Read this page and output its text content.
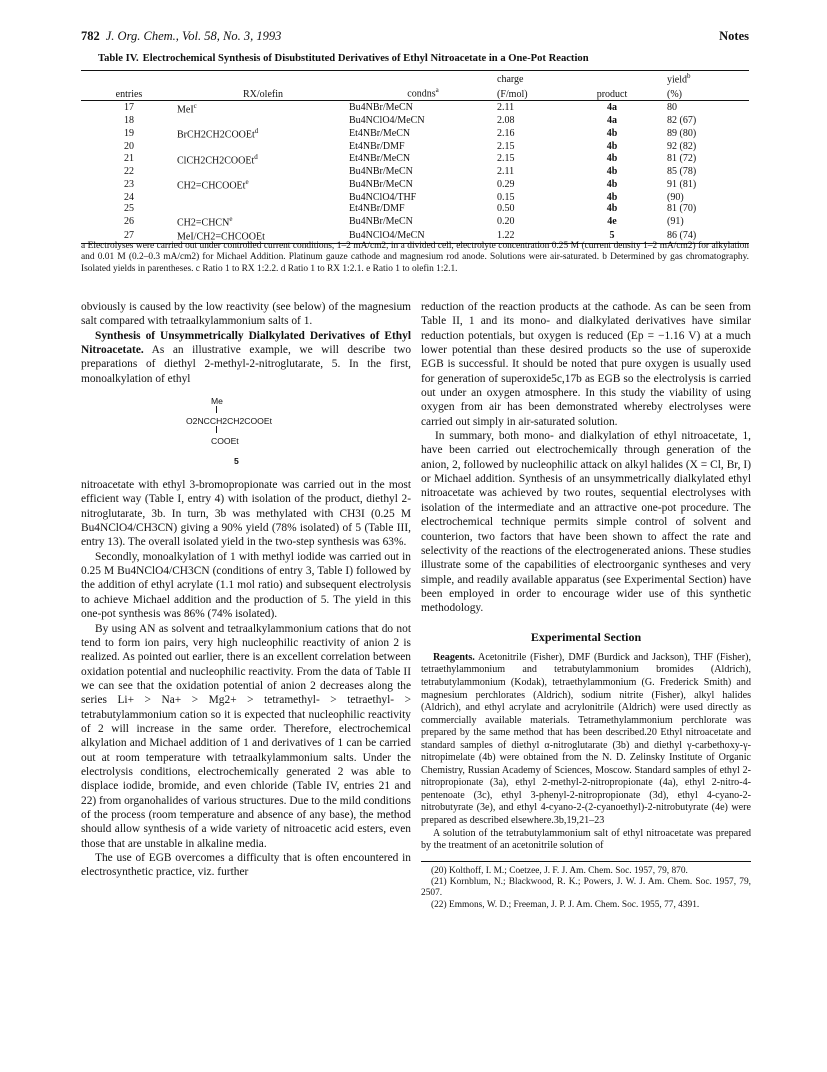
782 J. Org. Chem., Vol. 58, No. 3, 1993	Notes
Table IV. Electrochemical Synthesis of Disubstituted Derivatives of Ethyl Nitroacetate in a One-Pot Reaction
			charge		yield$^b$
entries	RX/olefin	condns$^a$	(F/mol)	product	(%)
17	MeI$^c$	Bu4NBr/MeCN	2.11	4a	80
18		Bu4NClO4/MeCN	2.08	4a	82 (67)
19	BrCH2CH2COOEt$^d$	Et4NBr/MeCN	2.16	4b	89 (80)
20		Et4NBr/DMF	2.15	4b	92 (82)
21	ClCH2CH2COOEt$^d$	Et4NBr/MeCN	2.15	4b	81 (72)
22		Bu4NBr/MeCN	2.11	4b	85 (78)
23	CH2=CHCOOEt$^e$	Bu4NBr/MeCN	0.29	4b	91 (81)
24		Bu4NClO4/THF	0.15	4b	(90)
25		Et4NBr/DMF	0.50	4b	81 (70)
26	$CH2=CHCN^e$	Bu4NBr/MeCN	0.20	4e	(91)
27	MeI/CH2=CHCOOEt	Bu4NClO4/MeCN	1.22	5	86 (74)
a Electrolyses were carried out under controlled current conditions, 1–2 mA/cm2, in a divided cell, electrolyte concentration 0.25 M (current density 1–2 mA/cm2) for alkylation and 0.01 M (0.2–0.3 mA/cm2) for Michael Addition. Platinum gauze cathode and magnesium rod anode. Solutions were air-saturated. b Determined by gas chromatography. Isolated yields in parentheses. c Ratio 1 to RX 1:2.2. d Ratio 1 to RX 1:2.1. e Ratio 1 to olefin 1:2.1.

obviously is caused by the low reactivity (see below) of the magnesium salt compared with tetraalkylammonium salts of 1.

Synthesis of Unsymmetrically Dialkylated Derivatives of Ethyl Nitroacetate. As an illustrative example, we will describe two preparations of diethyl 2-methyl-2-nitroglutarate, 5. In the first, monoalkylation of ethyl

Me
O2NCCH2CH2COOEt
COOEt
5

nitroacetate with ethyl 3-bromopropionate was carried out in the most efficient way (Table I, entry 4) with isolation of the product, diethyl 2-nitroglutarate, 3b. In turn, 3b was methylated with CH3I (0.25 M Bu4NClO4/CH3CN) giving a 90% yield (78% isolated) of 5 (Table III, entry 13). The overall isolated yield in the two-step synthesis was 63%.

Secondly, monoalkylation of 1 with methyl iodide was carried out in 0.25 M Bu4NClO4/CH3CN (conditions of entry 3, Table I) followed by the addition of ethyl acrylate (1.1 mol ratio) and subsequent electrolysis to achieve Michael addition and the production of 5. The yield in this one-pot synthesis was 86% (74% isolated).

By using AN as solvent and tetraalkylammonium cations that do not tend to form ion pairs, very high nucleophilic reactivity of anion 2 is realized. As pointed out earlier, there is an excellent correlation between oxidation potential and nucleophilic reactivity. From the data of Table II we can see that the oxidation potential of anion 2 decreases along the series Li+ > Na+ > Mg2+ > tetramethyl- > tetraethyl- > tetrabutylammonium cation so it is expected that nucleophilic reactivity of 2 will increase in the same order. Therefore, electrochemical alkylation and Michael addition of 1 and derivatives of 1 can be carried out at room temperature with tetraalkylammonium salts. Under the electrolysis conditions, electrochemically generated 2 was able to displace iodide, bromide, and even chloride (Table IV, entries 21 and 22) from organohalides of various structures. Due to the mild conditions of the process (room temperature and absence of any base), the method should allow synthesis of a wide variety of nitroacetic acid esters, even those that are unstable in alkaline media.

The use of EGB overcomes a difficulty that is often encountered in electrosynthetic practice, viz. further

reduction of the reaction products at the cathode. As can be seen from Table II, 1 and its mono- and dialkylated derivatives have similar reduction potentials, but oxygen is reduced (Ep = −1.16 V) at a much lower potential than these desired products so the use of superoxide EGB is successful. It should be noted that pure oxygen is usually used for generation of superoxide5c,17b as EGB so the electrolysis is carried out under an oxygen atmosphere. In this study the viability of using oxygen from air has been demonstrated whereby electrolyses were carried out simply in air-saturated solution.

In summary, both mono- and dialkylation of ethyl nitroacetate, 1, have been carried out electrochemically through generation of the anion, 2, followed by nucleophilic attack on alkyl halides (X = Cl, Br, I) or Michael addition. Synthesis of an unsymmetrically dialkylated ethyl nitroacetate was achieved by two routes, sequential electrolyses with isolation of the intermediate and an attractive one-pot procedure. The electrochemical technique permits simple control of solvent and counterion, two factors that have been shown to affect the rate and selectivity of the reactions of the electrogenerated anions. These studies illustrate some of the capabilities of electroorganic syntheses and very simple, and readily available apparatus (see Experimental Section) have been employed in order to encourage wider use of this synthetic methodology.

Experimental Section

Reagents. Acetonitrile (Fisher), DMF (Burdick and Jackson), THF (Fisher), tetraethylammonium and tetrabutylammonium bromides (Aldrich), tetrabutylammonium (Kodak), tetraethylammonium (G. Frederick Smith) and magnesium perchlorates (Aldrich), sodium nitrite (Fisher), alkyl halides (Aldrich), and ethyl acrylate and acrylonitrile (Aldrich) were used directly as commercially available materials. Tetramethylammonium perchlorate was prepared by the same method that has been described.20 Ethyl nitroacetate and standard samples of diethyl α-nitroglutarate (3b) and diethyl γ-carbethoxy-γ-nitropimelate (4b) were obtained from the N. D. Zelinsky Institute of Organic Chemistry, Russian Academy of Sciences, Moscow. Standard samples of ethyl 2-nitropropionate (3a), ethyl 2-methyl-2-nitropropionate (4a), ethyl 2-nitro-4-pentenoate (3c), ethyl 3-phenyl-2-nitropropionate (3d), ethyl 4-cyano-2-nitrobutyrate (3e), and ethyl 4-cyano-2-(2-cyanoethyl)-2-nitrobutyrate (4e) were prepared as described elsewhere.3b,19,21–23

A solution of the tetrabutylammonium salt of ethyl nitroacetate was prepared by the treatment of an acetonitrile solution of

(20) Kolthoff, I. M.; Coetzee, J. F. J. Am. Chem. Soc. 1957, 79, 870.
(21) Kornblum, N.; Blackwood, R. K.; Powers, J. W. J. Am. Chem. Soc. 1957, 79, 2507.
(22) Emmons, W. D.; Freeman, J. P. J. Am. Chem. Soc. 1955, 77, 4391.
